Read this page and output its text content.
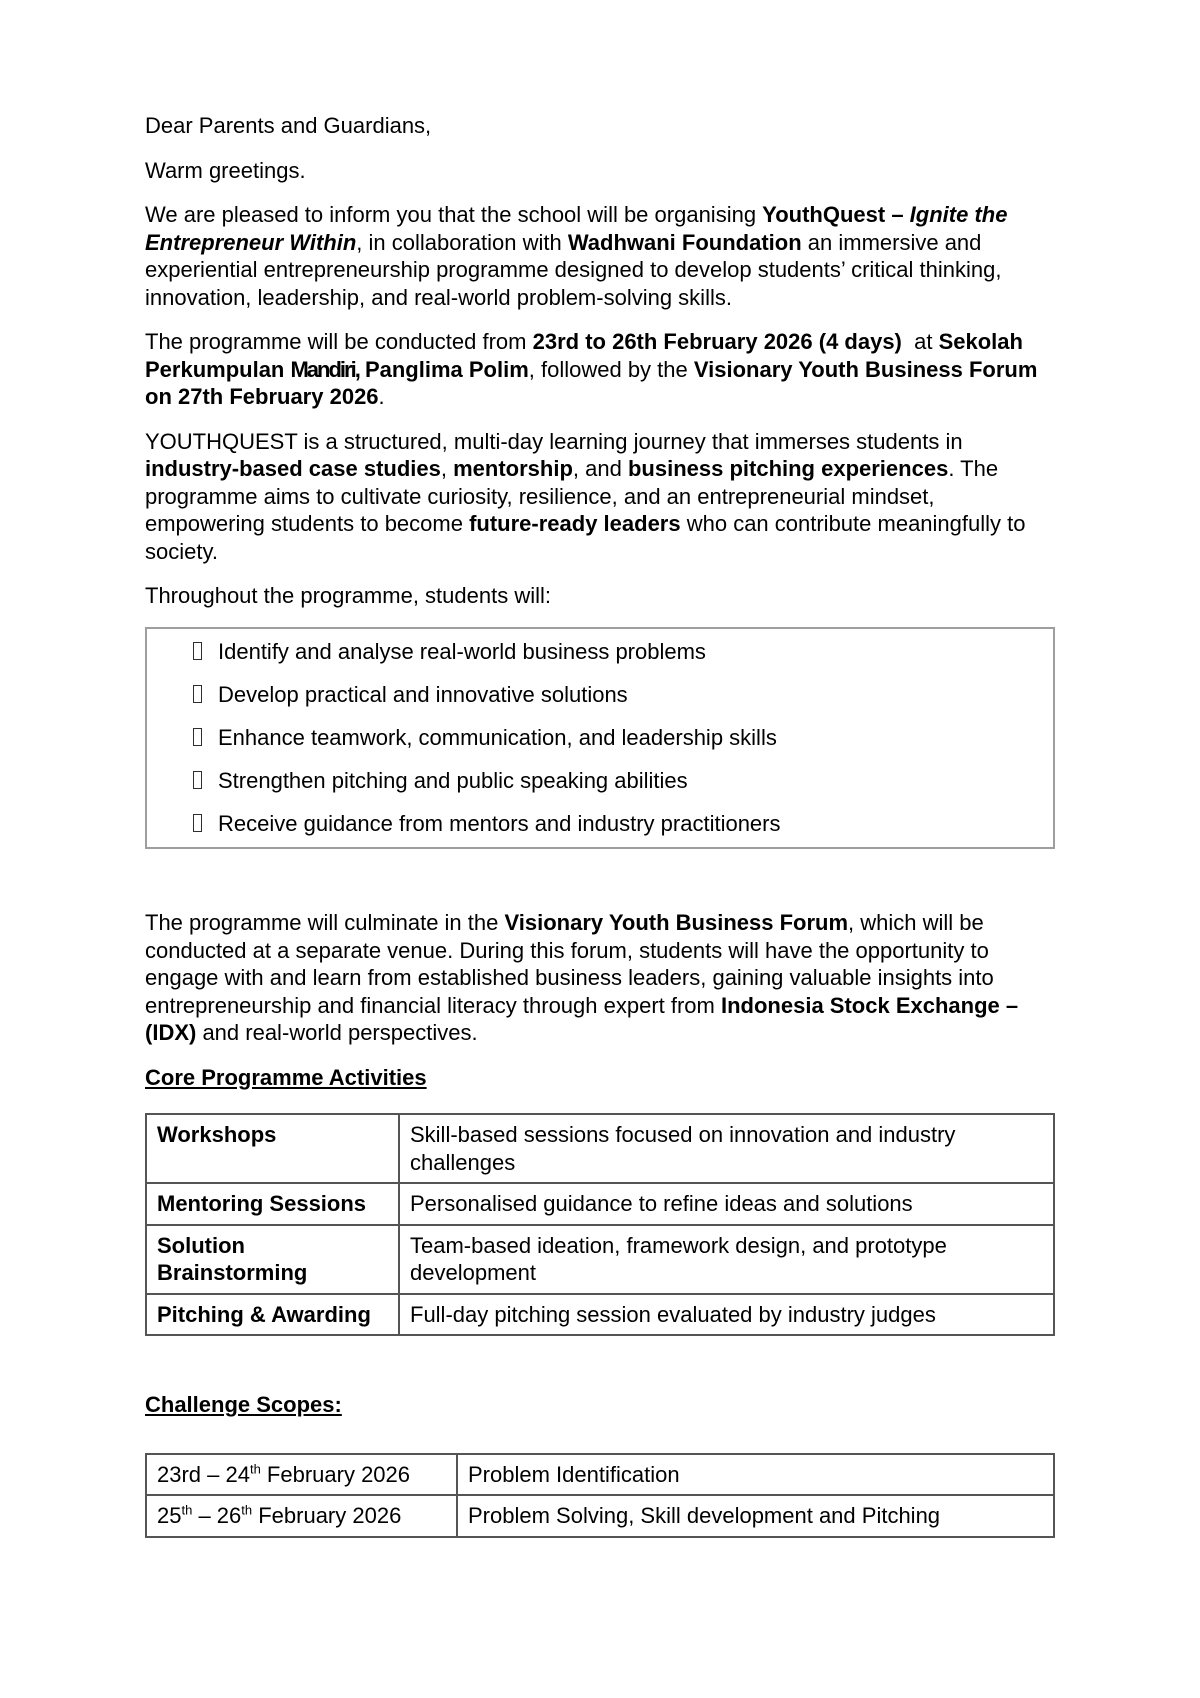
Dear Parents and Guardians,

Warm greetings.

We are pleased to inform you that the school will be organising YouthQuest – Ignite the Entrepreneur Within, in collaboration with Wadhwani Foundation an immersive and experiential entrepreneurship programme designed to develop students’ critical thinking, innovation, leadership, and real-world problem-solving skills.

The programme will be conducted from 23rd to 26th February 2026 (4 days)  at Sekolah Perkumpulan Mandiri, Panglima Polim, followed by the Visionary Youth Business Forum on 27th February 2026.

YOUTHQUEST is a structured, multi-day learning journey that immerses students in industry-based case studies, mentorship, and business pitching experiences. The programme aims to cultivate curiosity, resilience, and an entrepreneurial mindset, empowering students to become future-ready leaders who can contribute meaningfully to society.

Throughout the programme, students will:

Identify and analyse real-world business problems
Develop practical and innovative solutions
Enhance teamwork, communication, and leadership skills
Strengthen pitching and public speaking abilities
Receive guidance from mentors and industry practitioners

The programme will culminate in the Visionary Youth Business Forum, which will be conducted at a separate venue. During this forum, students will have the opportunity to engage with and learn from established business leaders, gaining valuable insights into entrepreneurship and financial literacy through expert from Indonesia Stock Exchange – (IDX) and real-world perspectives.

Core Programme Activities
Workshops	Skill-based sessions focused on innovation and industry challenges
Mentoring Sessions	Personalised guidance to refine ideas and solutions
Solution Brainstorming	Team-based ideation, framework design, and prototype development
Pitching & Awarding	Full-day pitching session evaluated by industry judges
Challenge Scopes:
23rd – 24th February 2026	Problem Identification
25th – 26th February 2026	Problem Solving, Skill development and Pitching
